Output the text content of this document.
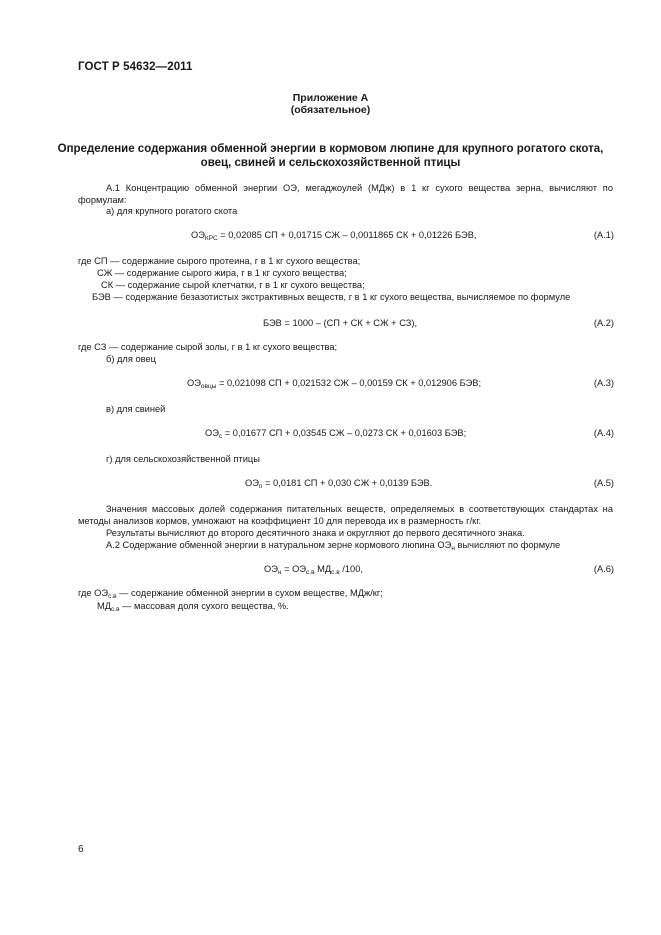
ГОСТ Р 54632—2011
Приложение А
(обязательное)
Определение содержания обменной энергии в кормовом люпине для крупного рогатого скота,
овец, свиней и сельскохозяйственной птицы
А.1 Концентрацию обменной энергии ОЭ, мегаджоулей (МДж) в 1 кг сухого вещества зерна, вычисляют по формулам:
а) для крупного рогатого скота
$ОЭ_{КРС} = 0,02085$ СП + 0,01715 СЖ – 0,0011865 СК + 0,01226 БЭВ,	(А.1)
где СП — содержание сырого протеина, г в 1 кг сухого вещества;
СЖ — содержание сырого жира, г в 1 кг сухого вещества;
СК — содержание сырой клетчатки, г в 1 кг сухого вещества;
БЭВ — содержание безазотистых экстрактивных веществ, г в 1 кг сухого вещества, вычисляемое по формуле
БЭВ = 1000 – (СП + СК + СЖ + СЗ),	(А.2)
где СЗ — содержание сырой золы, г в 1 кг сухого вещества;
б) для овец
$ОЭ_{овцы} = 0,021098$ СП + 0,021532 СЖ – 0,00159 СК + 0,012906 БЭВ;	(А.3)
в) для свиней
$ОЭ_с = 0,01677$ СП + 0,03545 СЖ – 0,0273 СК + 0,01603 БЭВ;	(А.4)
г) для сельскохозяйственной птицы
$ОЭ_п = 0,0181$ СП + 0,030 СЖ + 0,0139 БЭВ.	(А.5)
Значения массовых долей содержания питательных веществ, определяемых в соответствующих стандартах на методы анализов кормов, умножают на коэффициент 10 для перевода их в размерность г/кг.
Результаты вычисляют до второго десятичного знака и округляют до первого десятичного знака.
А.2 Содержание обменной энергии в натуральном зерне кормового люпина $ОЭ_н$ вычисляют по формуле
$ОЭ_н = ОЭ_{с.в}$ $МД_{с.в}$ /100,	(А.6)
где $ОЭ_{с.в}$ — содержание обменной энергии в сухом веществе, МДж/кг;
$МД_{с.в}$ — массовая доля сухого вещества, %.
6
